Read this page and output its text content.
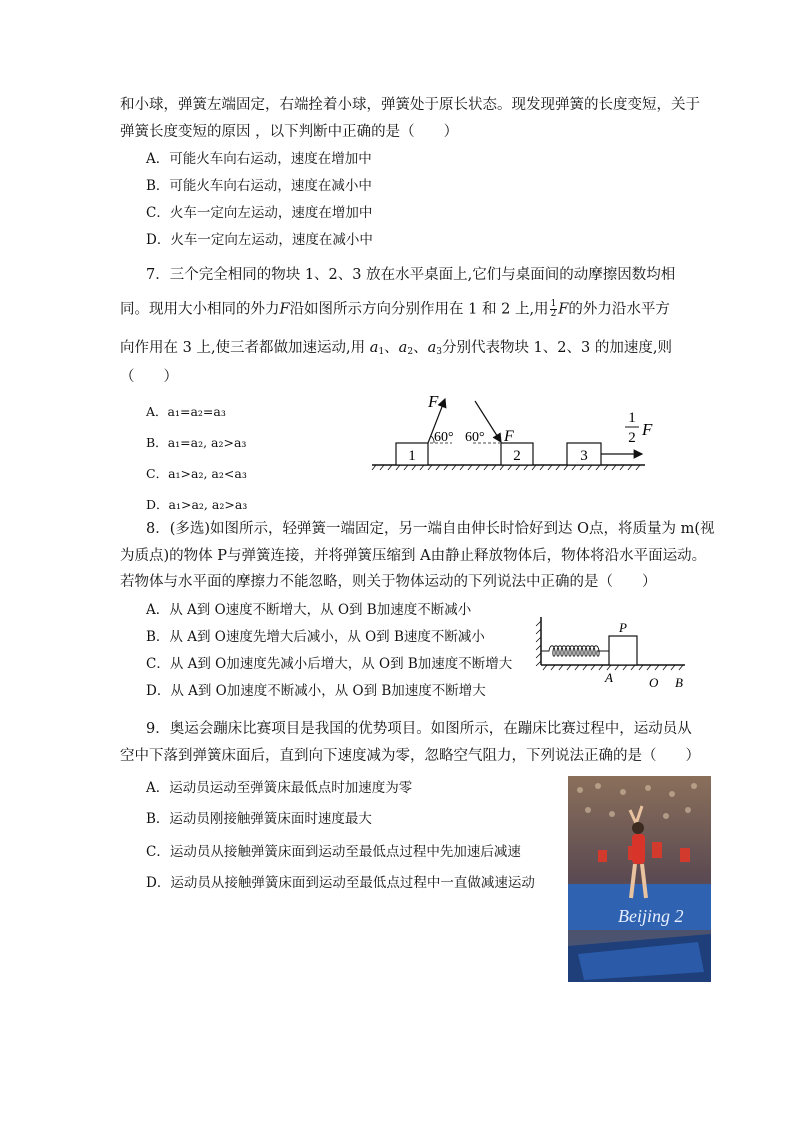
和小球，弹簧左端固定，右端拴着小球，弹簧处于原长状态。现发现弹簧的长度变短，关于
弹簧长度变短的原因 ，以下判断中正确的是（　　）
A．可能火车向右运动，速度在增加中
B．可能火车向右运动，速度在减小中
C．火车一定向左运动，速度在增加中
D．火车一定向左运动，速度在减小中
7．三个完全相同的物块 1、2、3 放在水平桌面上,它们与桌面间的动摩擦因数均相
同。现用大小相同的外力F沿如图所示方向分别作用在 1 和 2 上,用 $\frac{1}{2}$ F的外力沿水平方
向作用在 3 上,使三者都做加速运动,用 $a_1$、$a_2$、$a_3$分别代表物块 1、2、3 的加速度,则
（　　）
A．a₁=a₂=a₃
B．a₁=a₂, a₂>a₃
C．a₁>a₂, a₂<a₃
D．a₁>a₂, a₂>a₃
1
F
60°
2
60° F
3
1
2 F
8．(多选)如图所示，轻弹簧一端固定，另一端自由伸长时恰好到达 O点，将质量为 m(视
为质点)的物体 P与弹簧连接，并将弹簧压缩到 A由静止释放物体后，物体将沿水平面运动。
若物体与水平面的摩擦力不能忽略，则关于物体运动的下列说法中正确的是（　　）
A．从 A到 O速度不断增大，从 O到 B加速度不断减小
B．从 A到 O速度先增大后减小，从 O到 B速度不断减小
C．从 A到 O加速度先减小后增大，从 O到 B加速度不断增大
D．从 A到 O加速度不断减小，从 O到 B加速度不断增大
P
A	O B
9．奥运会蹦床比赛项目是我国的优势项目。如图所示，在蹦床比赛过程中，运动员从
空中下落到弹簧床面后，直到向下速度减为零，忽略空气阻力，下列说法正确的是（　　）
A．运动员运动至弹簧床最低点时加速度为零
B．运动员刚接触弹簧床面时速度最大
C．运动员从接触弹簧床面到运动至最低点过程中先加速后减速
D．运动员从接触弹簧床面到运动至最低点过程中一直做减速运动
Beijing 2
